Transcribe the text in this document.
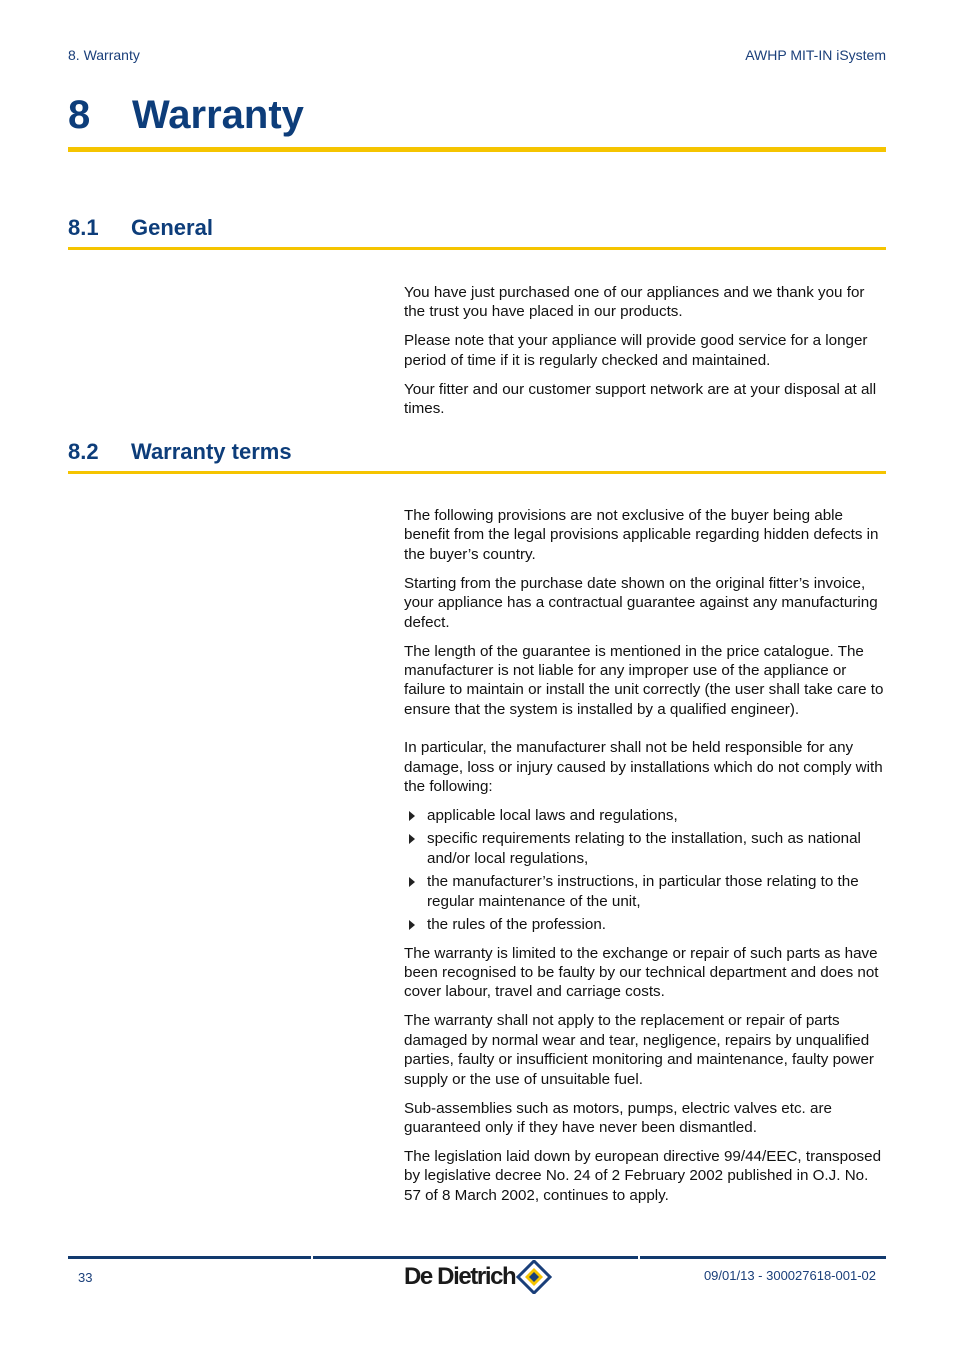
8. Warranty	AWHP MIT-IN iSystem
8 Warranty
8.1 General

You have just purchased one of our appliances and we thank you for the trust you have placed in our products.

Please note that your appliance will provide good service for a longer period of time if it is regularly checked and maintained.

Your fitter and our customer support network are at your disposal at all times.

8.2 Warranty terms

The following provisions are not exclusive of the buyer being able benefit from the legal provisions applicable regarding hidden defects in the buyer’s country.

Starting from the purchase date shown on the original fitter’s invoice, your appliance has a contractual guarantee against any manufacturing defect.

The length of the guarantee is mentioned in the price catalogue. The manufacturer is not liable for any improper use of the appliance or failure to maintain or install the unit correctly (the user shall take care to ensure that the system is installed by a qualified engineer).

In particular, the manufacturer shall not be held responsible for any damage, loss or injury caused by installations which do not comply with the following:

applicable local laws and regulations,
specific requirements relating to the installation, such as national and/or local regulations,
the manufacturer’s instructions, in particular those relating to the regular maintenance of the unit,
the rules of the profession.

The warranty is limited to the exchange or repair of such parts as have been recognised to be faulty by our technical department and does not cover labour, travel and carriage costs.

The warranty shall not apply to the replacement or repair of parts damaged by normal wear and tear, negligence, repairs by unqualified parties, faulty or insufficient monitoring and maintenance, faulty power supply or the use of unsuitable fuel.

Sub-assemblies such as motors, pumps, electric valves etc. are guaranteed only if they have never been dismantled.

The legislation laid down by european directive 99/44/EEC, transposed by legislative decree No. 24 of 2 February 2002 published in O.J. No. 57 of 8 March 2002, continues to apply.

33	De Dietrich	09/01/13 - 300027618-001-02
